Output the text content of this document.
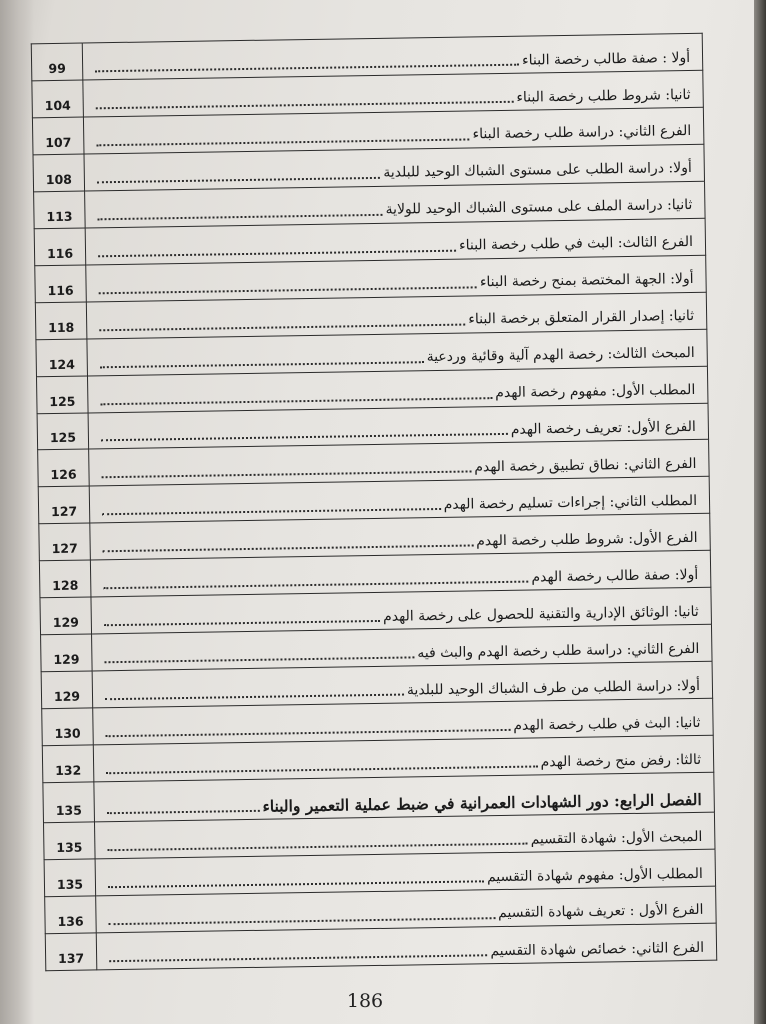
99	أولا : صفة طالب رخصة البناء

104	ثانيا: شروط طلب رخصة البناء

107	الفرع الثاني: دراسة طلب رخصة البناء

108	أولا: دراسة الطلب على مستوى الشباك الوحيد للبلدية

113	ثانيا: دراسة الملف على مستوى الشباك الوحيد للولاية

116	الفرع الثالث: البث في طلب رخصة البناء

116	أولا: الجهة المختصة بمنح رخصة البناء

118	ثانيا: إصدار القرار المتعلق برخصة البناء

124	المبحث الثالث: رخصة الهدم آلية وقائية وردعية

125	المطلب الأول: مفهوم رخصة الهدم

125	الفرع الأول: تعريف رخصة الهدم

126	الفرع الثاني: نطاق تطبيق رخصة الهدم

127	المطلب الثاني: إجراءات تسليم رخصة الهدم

127	الفرع الأول: شروط طلب رخصة الهدم

128	أولا: صفة طالب رخصة الهدم

129	ثانيا: الوثائق الإدارية والتقنية للحصول على رخصة الهدم

129	الفرع الثاني: دراسة طلب رخصة الهدم والبث فيه

129	أولا: دراسة الطلب من طرف الشباك الوحيد للبلدية

130	ثانيا: البث في طلب رخصة الهدم

132	ثالثا: رفض منح رخصة الهدم

135	الفصل الرابع: دور الشهادات العمرانية في ضبط عملية التعمير والبناء

135	المبحث الأول: شهادة التقسيم

135	المطلب الأول: مفهوم شهادة التقسيم

136	الفرع الأول : تعريف شهادة التقسيم

137	الفرع الثاني: خصائص شهادة التقسيم
186
